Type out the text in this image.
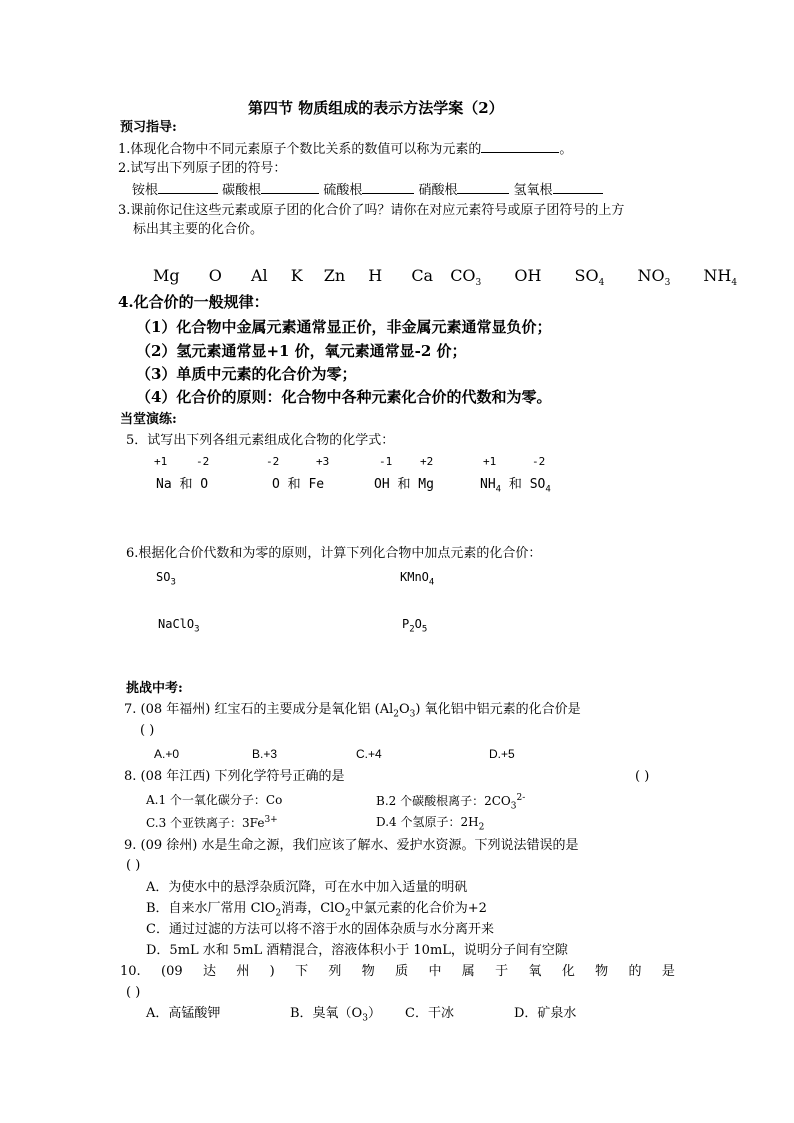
第四节 物质组成的表示方法学案（2）
预习指导:
1.体现化合物中不同元素原子个数比关系的数值可以称为元素的	。
2.试写出下列原子团的符号：
铵根	碳酸根	硫酸根	硝酸根	氢氧根
3.课前你记住这些元素或原子团的化合价了吗？请你在对应元素符号或原子团符号的上方
标出其主要的化合价。
Mg O Al K Zn H Ca $CO_3$ OH $SO_4$ $NO_3$ $NH_4$
4.化合价的一般规律：
（1）化合物中金属元素通常显正价，非金属元素通常显负价；
（2）氢元素通常显+1 价，氧元素通常显-2 价；
（3）单质中元素的化合价为零；
（4）化合价的原则：化合物中各种元素化合价的代数和为零。
当堂演练:
5．试写出下列各组元素组成化合物的化学式：
+1	-2	-2	+3	-1	+2	+1	-2
Na 和 O	O 和 Fe	OH 和 Mg	$NH_4$ 和 $SO_4$
6.根据化合价代数和为零的原则，计算下列化合物中加点元素的化合价：
$SO_3$	KMnO$_4$
NaClO$_3$	$P_2O_5$
挑战中考:
7. (08 年福州) 红宝石的主要成分是氧化铝 $(Al_2O_3)$ 氧化铝中铝元素的化合价是
( )
A.+0	B.+3	C.+4	D.+5
8. (08 年江西) 下列化学符号正确的是	( )
A.1 个一氧化碳分子：Co	B.2 个碳酸根离子：$2CO_3^{2-}$
C.3 个亚铁离子：$3Fe^{3+}$	D.4 个氢原子：$2H_2$
9. (09 徐州) 水是生命之源，我们应该了解水、爱护水资源。下列说法错误的是
( )
A．为使水中的悬浮杂质沉降，可在水中加入适量的明矾
B．自来水厂常用 ClO$_2$消毒，ClO$_2$中氯元素的化合价为+2
C．通过过滤的方法可以将不溶于水的固体杂质与水分离开来
D．5mL 水和 5mL 酒精混合，溶液体积小于 10mL，说明分子间有空隙
10. (09 达 州 ) 下 列 物 质 中 属 于 氧 化 物 的 是
( )
A．高锰酸钾	B．臭氧$(O_3)$ C．干冰	D．矿泉水
